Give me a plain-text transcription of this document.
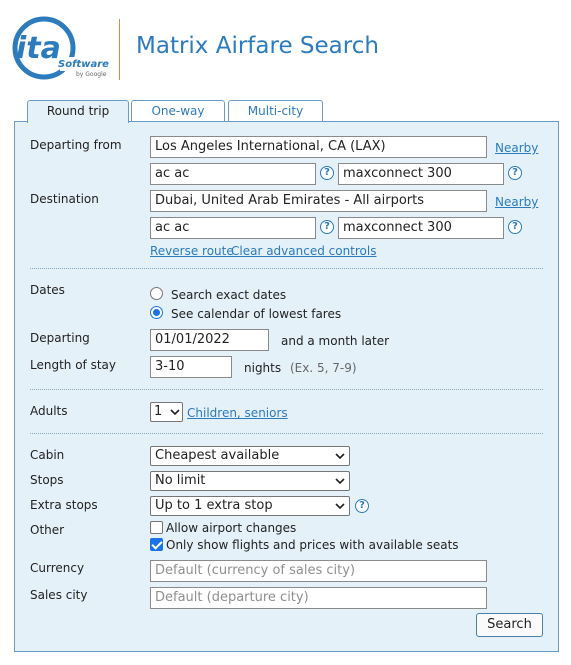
ita
Software
by Google
Matrix Airfare Search
Round trip	One-way	Multi-city
Departing from	Los Angeles International, CA (LAX)	Nearby
ac ac	?	maxconnect 300	?
Destination	Dubai, United Arab Emirates - All airports	Nearby
ac ac	?	maxconnect 300	?
Reverse route
Clear advanced controls
Dates	Search exact dates
See calendar of lowest fares
Departing	01/01/2022	and a month later
Length of stay	3-10	nights (Ex. 5, 7-9)
Adults	1	Children, seniors
Cabin	Cheapest available
Stops	No limit
Extra stops	Up to 1 extra stop	?
Other	Allow airport changes
Only show flights and prices with available seats
Currency	Default (currency of sales city)
Sales city	Default (departure city)
Search
